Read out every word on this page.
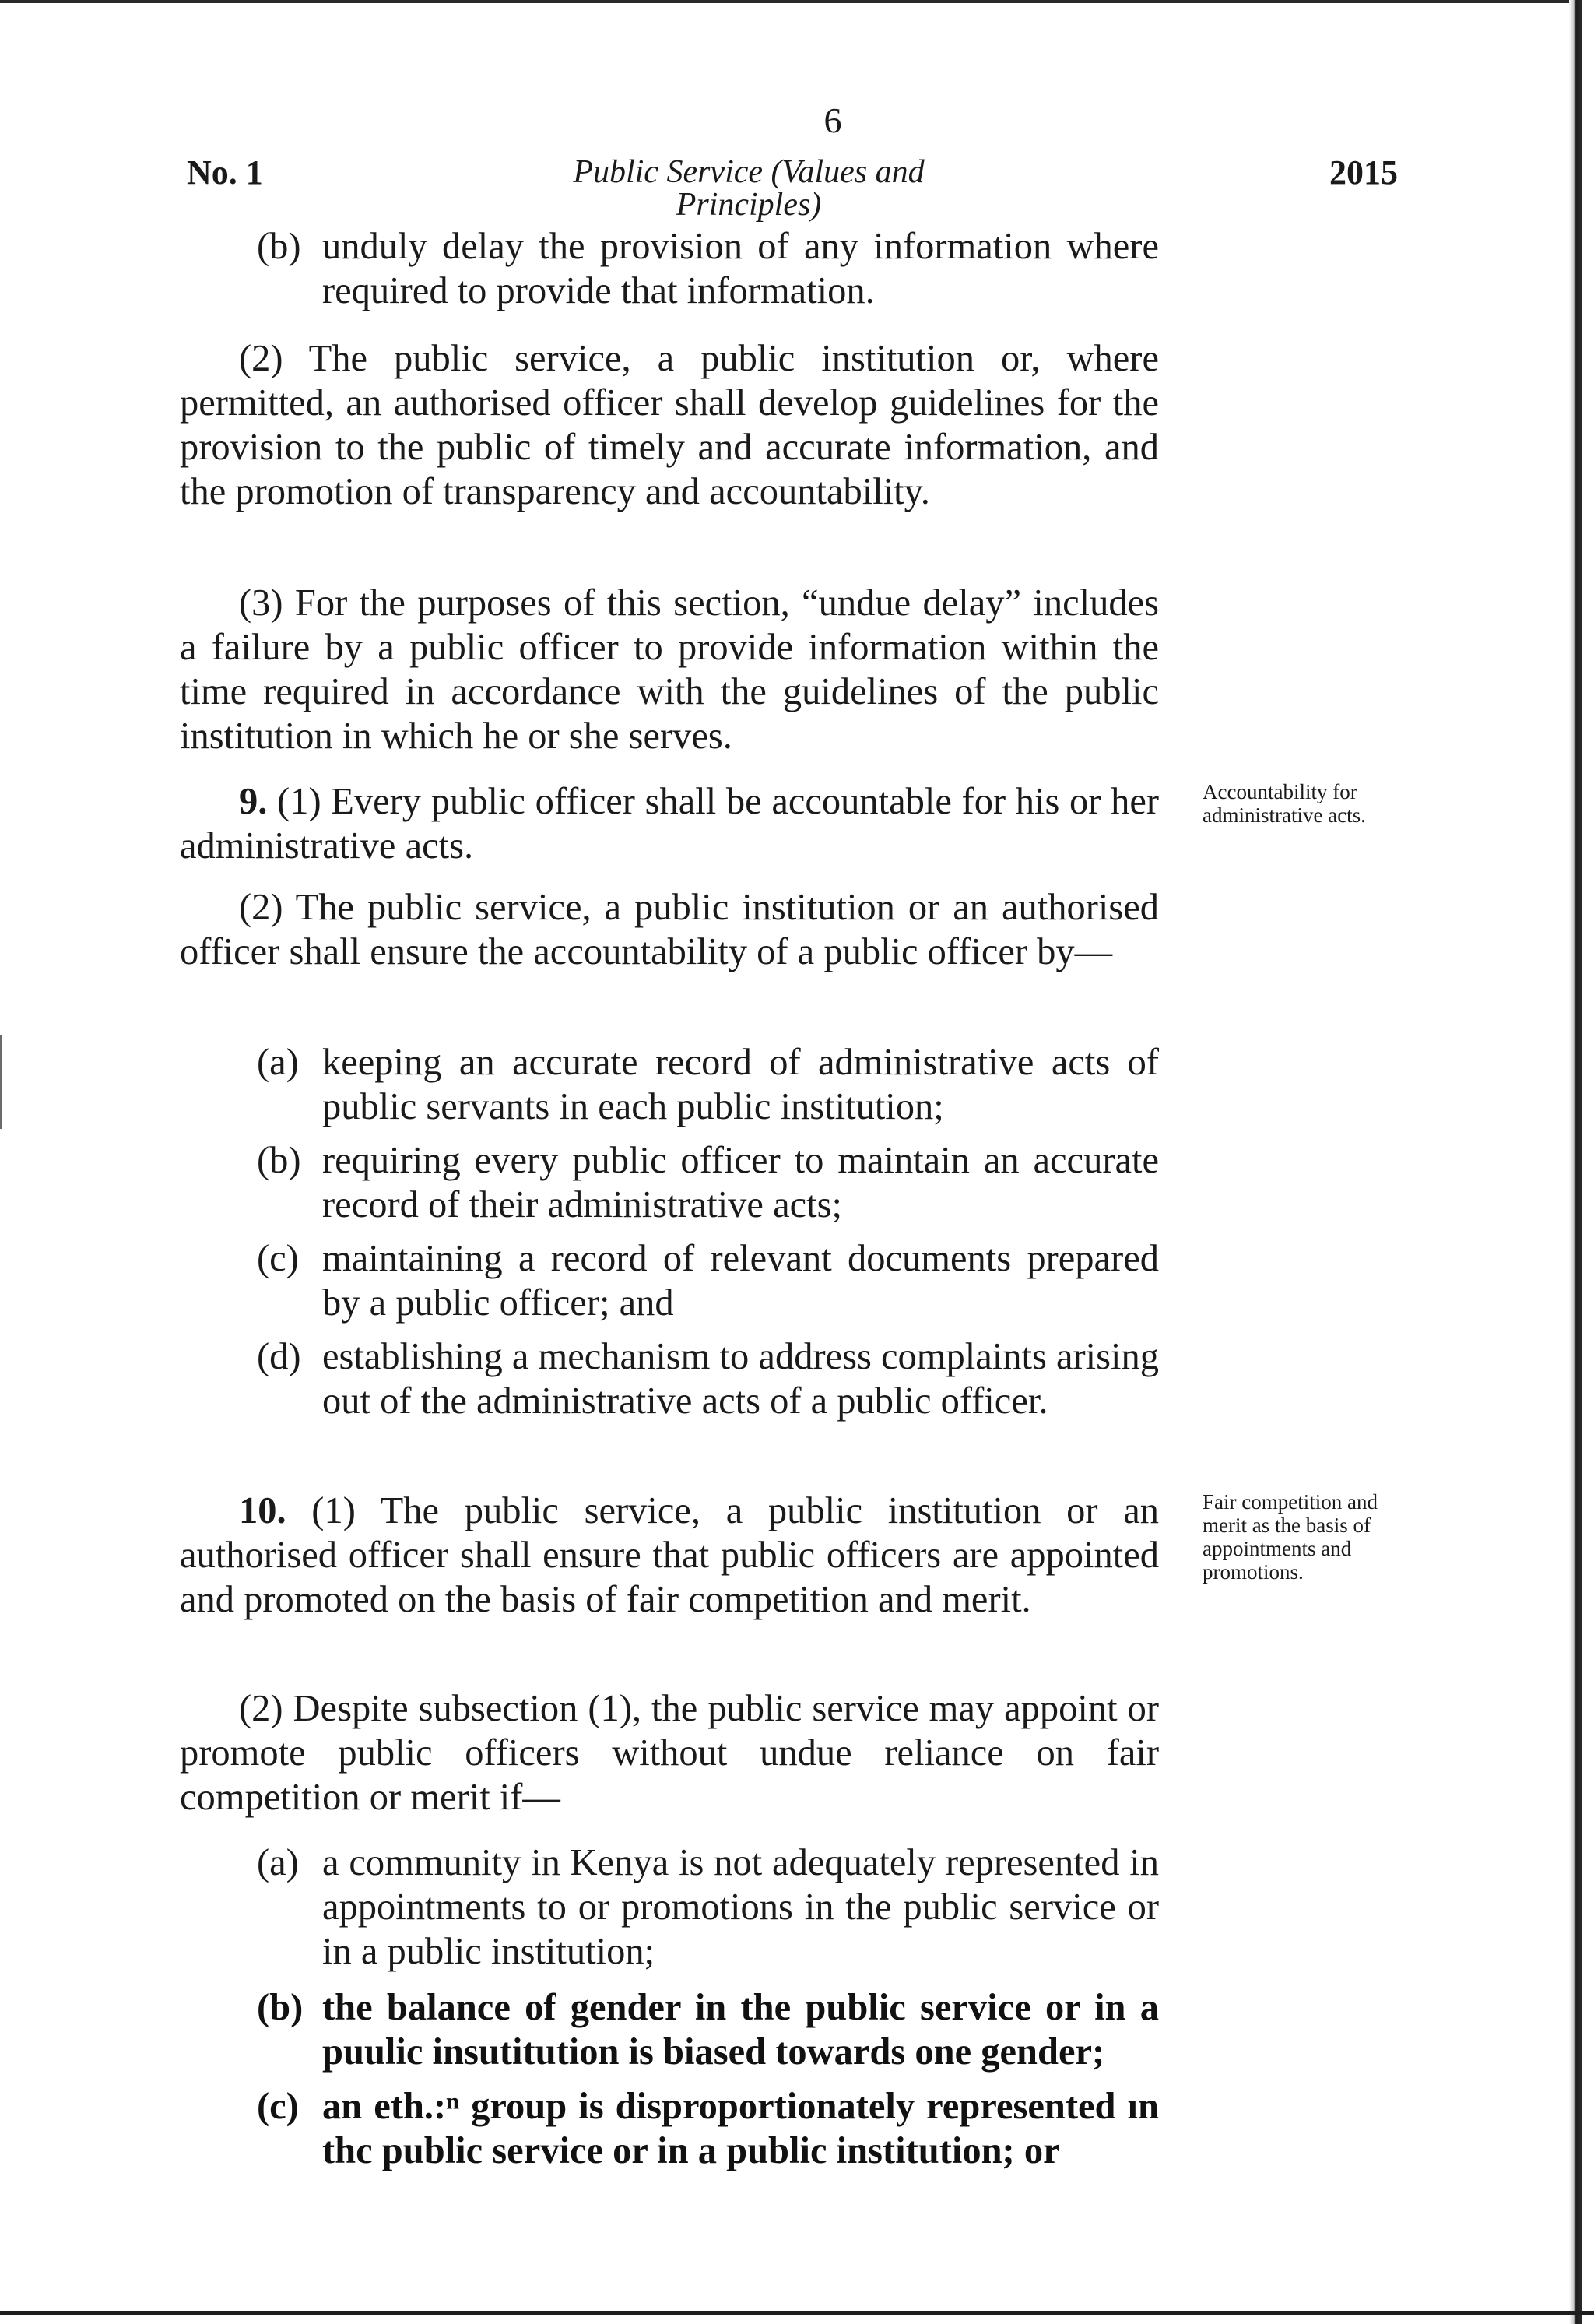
6
No. 1	Public Service (Values and Principles)
2015
(b) unduly delay the provision of any information where required to provide that information.

(2) The public service, a public institution or, where permitted, an authorised officer shall develop guidelines for the provision to the public of timely and accurate information, and the promotion of transparency and accountability.

(3) For the purposes of this section, “undue delay” includes a failure by a public officer to provide information within the time required in accordance with the guidelines of the public institution in which he or she serves.

9. (1) Every public officer shall be accountable for his or her administrative acts.

Accountability for administrative acts.

(2) The public service, a public institution or an authorised officer shall ensure the accountability of a public officer by—

(a) keeping an accurate record of administrative acts of public servants in each public institution;
(b) requiring every public officer to maintain an accurate record of their administrative acts;
(c) maintaining a record of relevant documents prepared by a public officer; and
(d) establishing a mechanism to address complaints arising out of the administrative acts of a public officer.

10. (1) The public service, a public institution or an authorised officer shall ensure that public officers are appointed and promoted on the basis of fair competition and merit.

Fair competition and merit as the basis of appointments and promotions.

(2) Despite subsection (1), the public service may appoint or promote public officers without undue reliance on fair competition or merit if—

(a) a community in Kenya is not adequately represented in appointments to or promotions in the public service or in a public institution;
(b) the balance of gender in the public service or in a puulic insutitution is biased towards one gender;
(c) an eth.:ⁿ group is disproportionately represented ın thc public service or in a public institution; or
